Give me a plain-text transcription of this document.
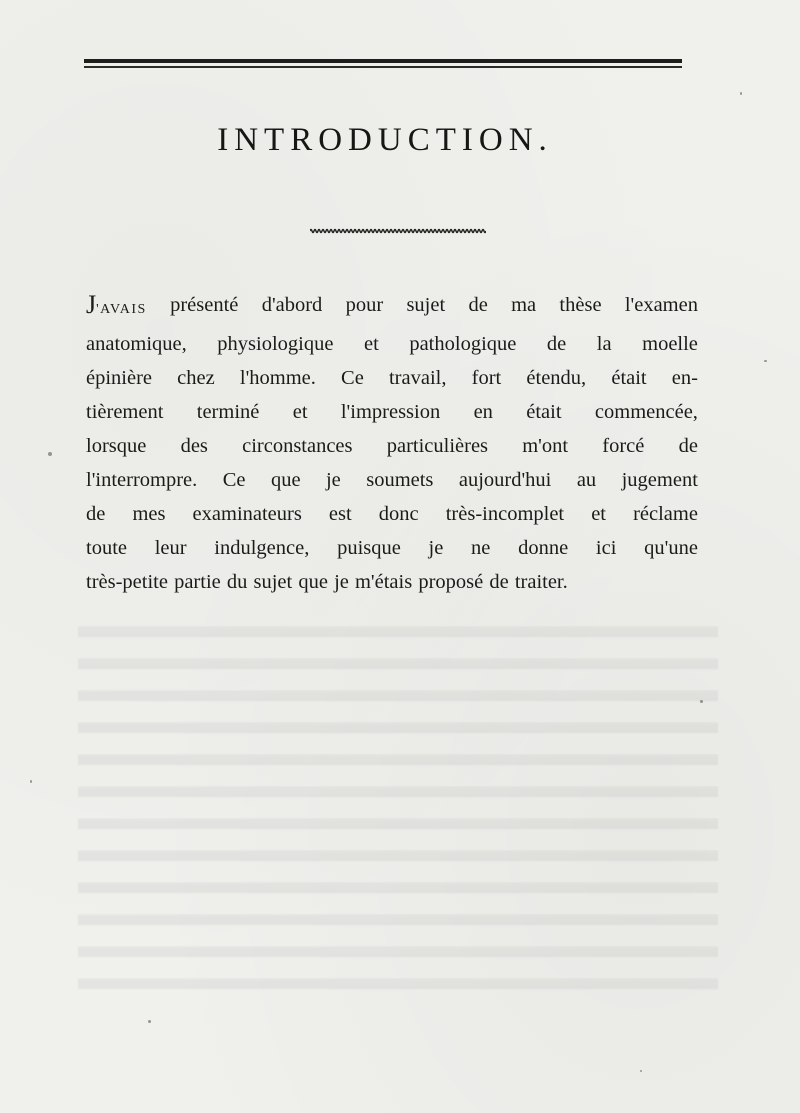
INTRODUCTION.
J'AVAIS présenté d'abord pour sujet de ma thèse l'examen
anatomique, physiologique et pathologique de la moelle
épinière chez l'homme. Ce travail, fort étendu, était en-
tièrement terminé et l'impression en était commencée,
lorsque des circonstances particulières m'ont forcé de
l'interrompre. Ce que je soumets aujourd'hui au jugement
de mes examinateurs est donc très-incomplet et réclame
toute leur indulgence, puisque je ne donne ici qu'une
très-petite partie du sujet que je m'étais proposé de traiter.
